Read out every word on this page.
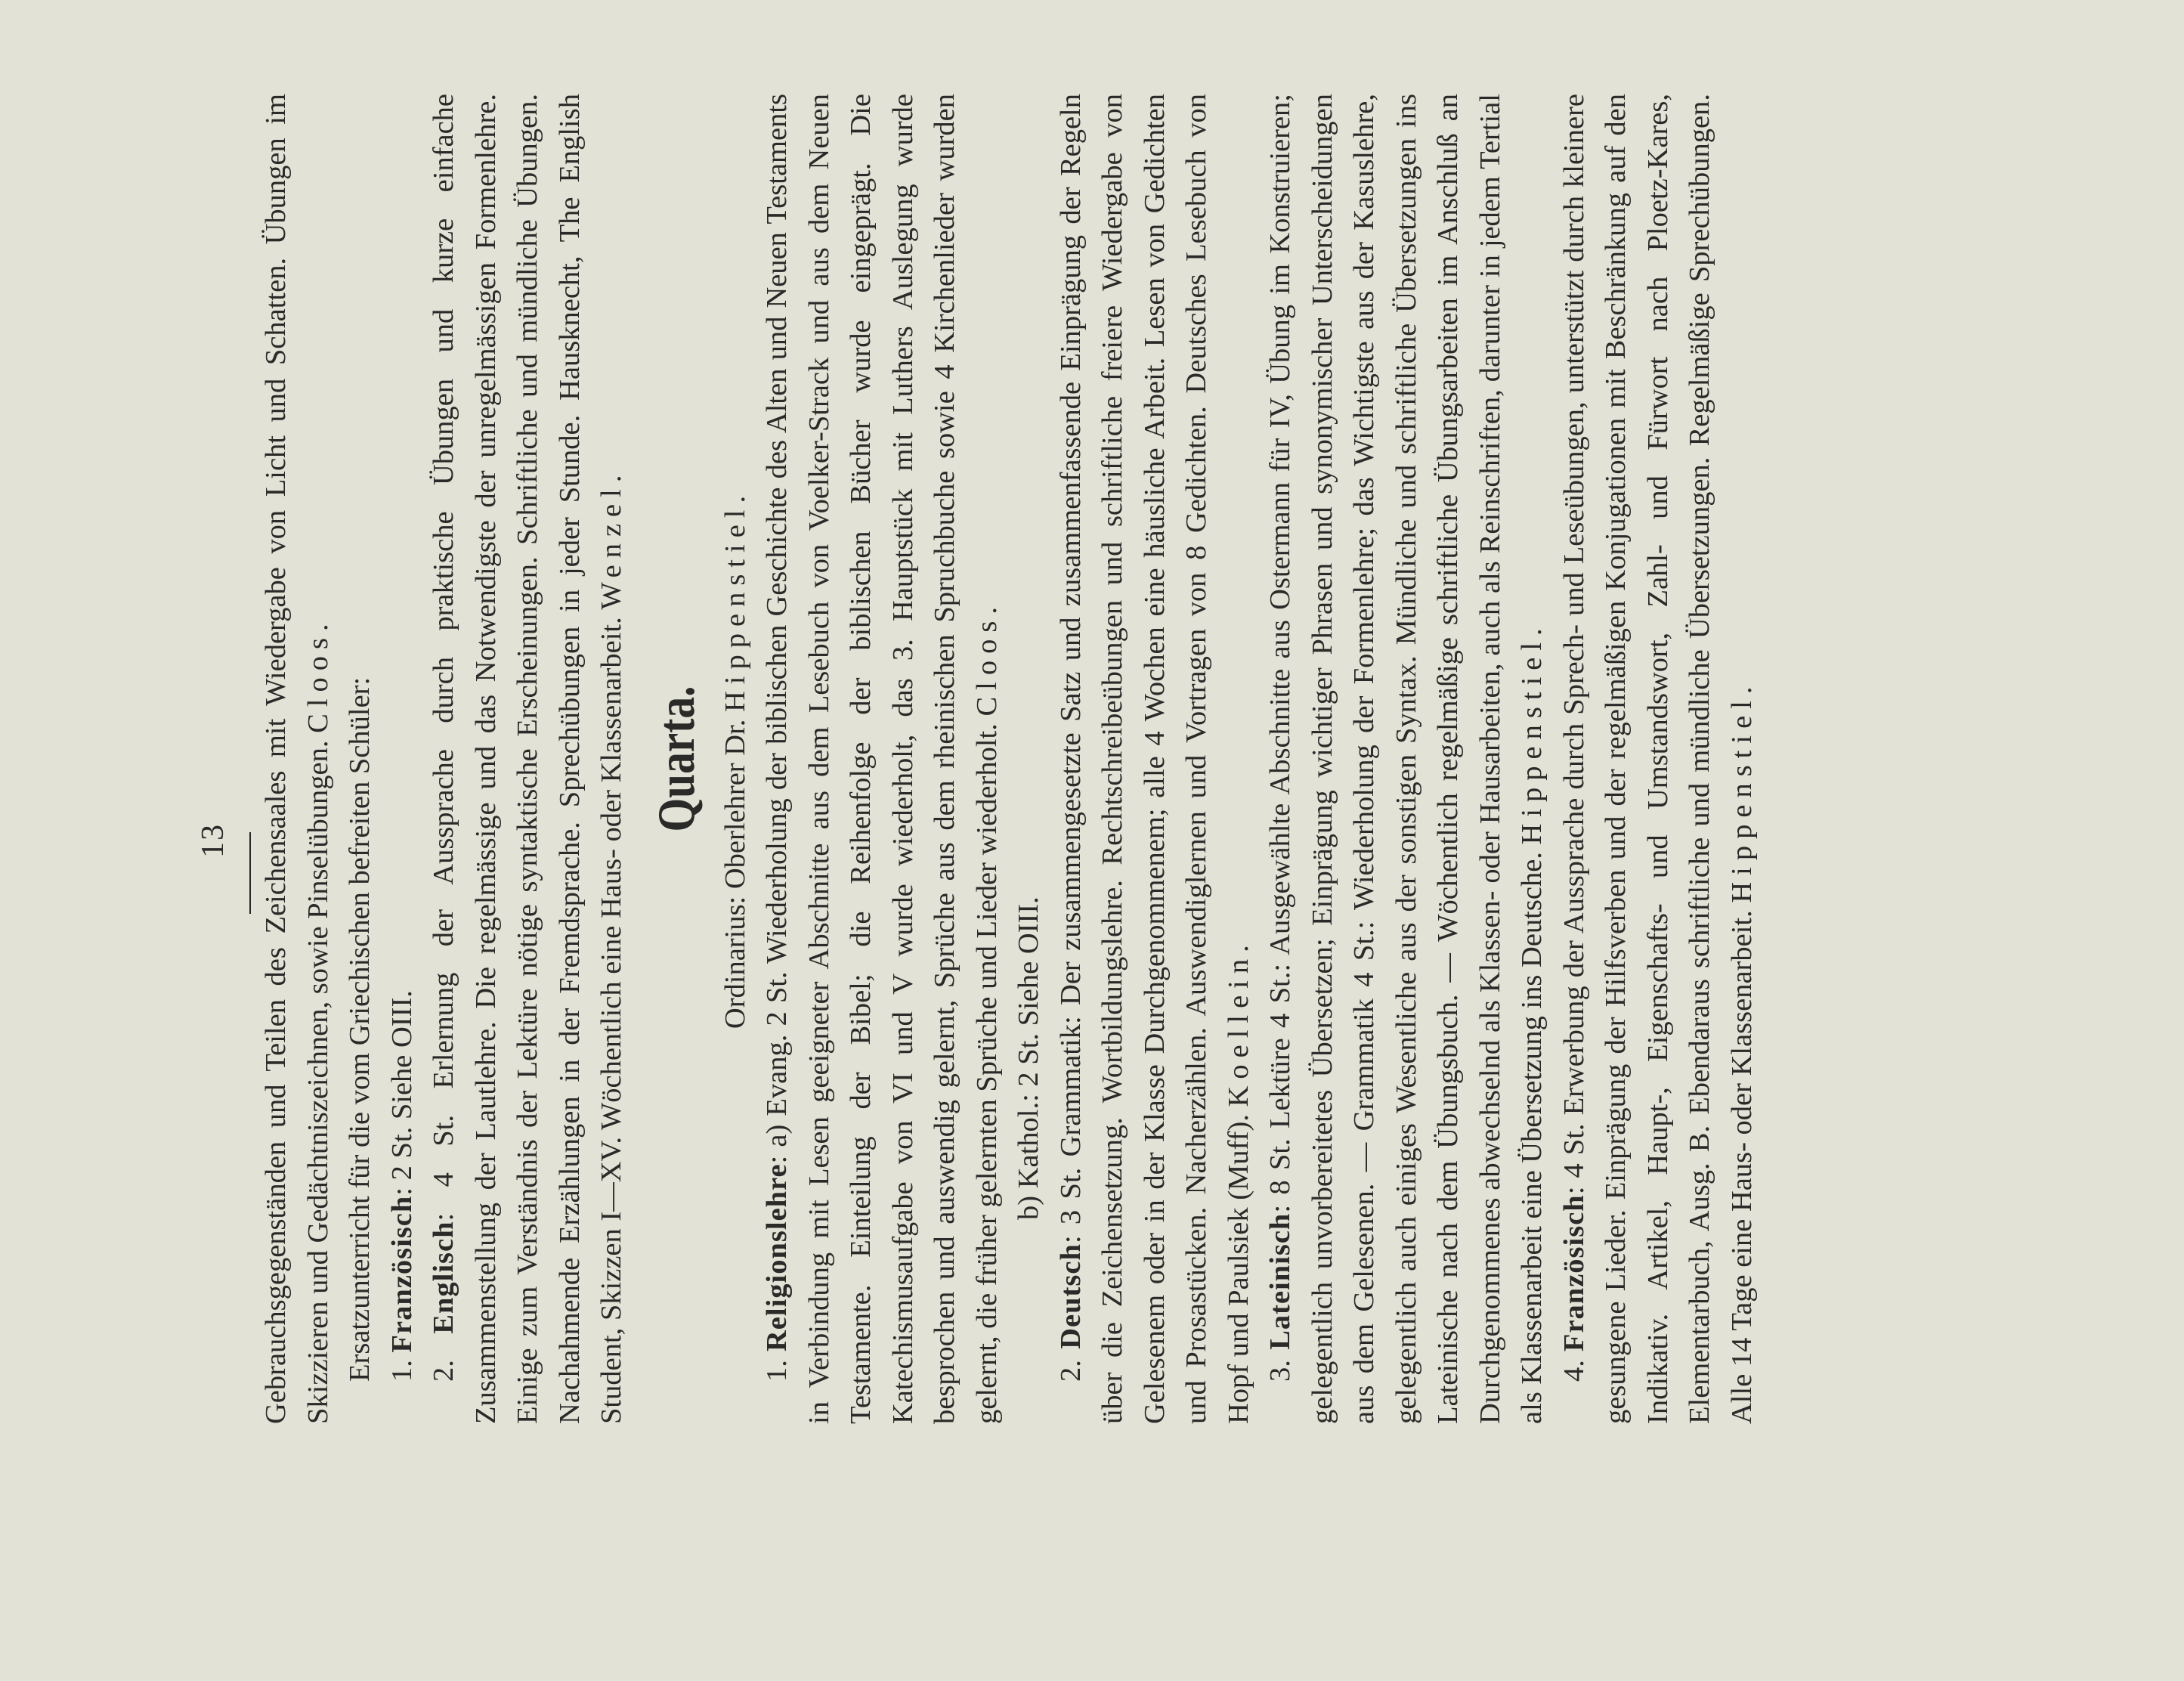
13 Gebrauchsgegenständen und Teilen des Zeichensaales mit Wiedergabe von Licht und Schatten. Übungen im Skizzieren und Gedächtniszeichnen, sowie Pinselübungen. Cloos.

Ersatzunterricht für die vom Griechischen befreiten Schüler: 1. Französisch: 2 St. Siehe OIII.

2. Englisch: 4 St. Erlernung der Aussprache durch praktische Übungen und kurze einfache Zusammenstellung der Lautlehre. Die regelmässige und das Notwendigste der unregelmässigen Formenlehre. Einige zum Verständnis der Lektüre nötige syntaktische Erscheinungen. Schriftliche und mündliche Übungen. Nachahmende Erzählungen in der Fremdsprache. Sprechübungen in jeder Stunde. Hausknecht, The English Student, Skizzen I—XV. Wöchentlich eine Haus- oder Klassenarbeit. Wenzel.

Quarta. Ordinarius: Oberlehrer Dr. Hippenstiel.

1. Religionslehre: a) Evang. 2 St. Wiederholung der biblischen Geschichte des Alten und Neuen Testaments in Verbindung mit Lesen geeigneter Abschnitte aus dem Lesebuch von Voelker-Strack und aus dem Neuen Testamente. Einteilung der Bibel; die Reihenfolge der biblischen Bücher wurde eingeprägt. Die Katechismusaufgabe von VI und V wurde wiederholt, das 3. Hauptstück mit Luthers Auslegung wurde besprochen und auswendig gelernt, Sprüche aus dem rheinischen Spruchbuche sowie 4 Kirchenlieder wurden gelernt, die früher gelernten Sprüche und Lieder wiederholt. Cloos.

b) Kathol.: 2 St. Siehe OIII.

2. Deutsch: 3 St. Grammatik: Der zusammengesetzte Satz und zusammenfassende Einprägung der Regeln über die Zeichensetzung. Wortbildungslehre. Rechtschreibeübungen und schriftliche freiere Wiedergabe von Gelesenem oder in der Klasse Durchgenommenem; alle 4 Wochen eine häusliche Arbeit. Lesen von Gedichten und Prosastücken. Nacherzählen. Auswendiglernen und Vortragen von 8 Gedichten. Deutsches Lesebuch von Hopf und Paulsiek (Muff). Koellein.

3. Lateinisch: 8 St. Lektüre 4 St.: Ausgewählte Abschnitte aus Ostermann für IV, Übung im Konstruieren; gelegentlich unvorbereitetes Übersetzen; Einprägung wichtiger Phrasen und synonymischer Unterscheidungen aus dem Gelesenen. — Grammatik 4 St.: Wiederholung der Formenlehre; das Wichtigste aus der Kasuslehre, gelegentlich auch einiges Wesentliche aus der sonstigen Syntax. Mündliche und schriftliche Übersetzungen ins Lateinische nach dem Übungsbuch. — Wöchentlich regelmäßige schriftliche Übungsarbeiten im Anschluß an Durchgenommenes abwechselnd als Klassen- oder Hausarbeiten, auch als Reinschriften, darunter in jedem Tertial als Klassenarbeit eine Übersetzung ins Deutsche. Hippenstiel.

4. Französisch: 4 St. Erwerbung der Aussprache durch Sprech- und Leseübungen, unterstützt durch kleinere gesungene Lieder. Einprägung der Hilfsverben und der regelmäßigen Konjugationen mit Beschränkung auf den Indikativ. Artikel, Haupt-, Eigenschafts- und Umstandswort, Zahl- und Fürwort nach Ploetz-Kares, Elementarbuch, Ausg. B. Ebendaraus schriftliche und mündliche Übersetzungen. Regelmäßige Sprechübungen. Alle 14 Tage eine Haus- oder Klassenarbeit. Hippenstiel.
